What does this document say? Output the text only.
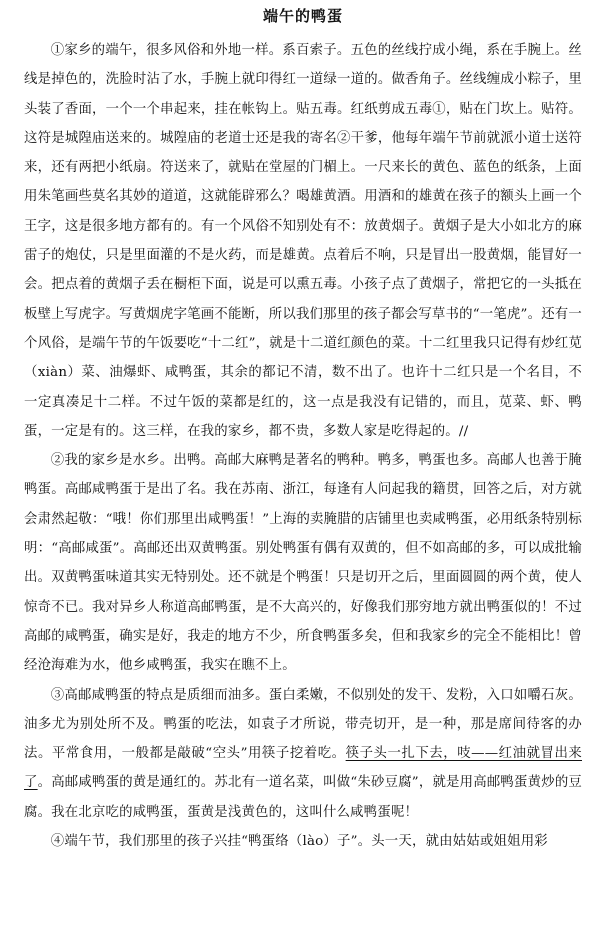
端午的鸭蛋

①家乡的端午，很多风俗和外地一样。系百索子。五色的丝线拧成小绳，系在手腕上。丝线是掉色的，洗脸时沾了水，手腕上就印得红一道绿一道的。做香角子。丝线缠成小粽子，里头装了香面，一个一个串起来，挂在帐钩上。贴五毒。红纸剪成五毒①，贴在门坎上。贴符。这符是城隍庙送来的。城隍庙的老道士还是我的寄名②干爹，他每年端午节前就派小道士送符来，还有两把小纸扇。符送来了，就贴在堂屋的门楣上。一尺来长的黄色、蓝色的纸条，上面用朱笔画些莫名其妙的道道，这就能辟邪么？喝雄黄酒。用酒和的雄黄在孩子的额头上画一个王字，这是很多地方都有的。有一个风俗不知别处有不：放黄烟子。黄烟子是大小如北方的麻雷子的炮仗，只是里面灌的不是火药，而是雄黄。点着后不响，只是冒出一股黄烟，能冒好一会。把点着的黄烟子丢在橱柜下面，说是可以熏五毒。小孩子点了黄烟子，常把它的一头抵在板壁上写虎字。写黄烟虎字笔画不能断，所以我们那里的孩子都会写草书的“一笔虎”。还有一个风俗，是端午节的午饭要吃“十二红”，就是十二道红颜色的菜。十二红里我只记得有炒红苋（xiàn）菜、油爆虾、咸鸭蛋，其余的都记不清，数不出了。也许十二红只是一个名目，不一定真凑足十二样。不过午饭的菜都是红的，这一点是我没有记错的，而且，苋菜、虾、鸭蛋，一定是有的。这三样，在我的家乡，都不贵，多数人家是吃得起的。//

②我的家乡是水乡。出鸭。高邮大麻鸭是著名的鸭种。鸭多，鸭蛋也多。高邮人也善于腌鸭蛋。高邮咸鸭蛋于是出了名。我在苏南、浙江，每逢有人问起我的籍贯，回答之后，对方就会肃然起敬：“哦！你们那里出咸鸭蛋！”上海的卖腌腊的店铺里也卖咸鸭蛋，必用纸条特别标明：“高邮咸蛋”。高邮还出双黄鸭蛋。别处鸭蛋有偶有双黄的，但不如高邮的多，可以成批输出。双黄鸭蛋味道其实无特别处。还不就是个鸭蛋！只是切开之后，里面圆圆的两个黄，使人惊奇不已。我对异乡人称道高邮鸭蛋，是不大高兴的，好像我们那穷地方就出鸭蛋似的！不过高邮的咸鸭蛋，确实是好，我走的地方不少，所食鸭蛋多矣，但和我家乡的完全不能相比！曾经沧海难为水，他乡咸鸭蛋，我实在瞧不上。

③高邮咸鸭蛋的特点是质细而油多。蛋白柔嫩，不似别处的发干、发粉，入口如嚼石灰。油多尤为别处所不及。鸭蛋的吃法，如袁子才所说，带壳切开，是一种，那是席间待客的办法。平常食用，一般都是敲破“空头”用筷子挖着吃。筷子头一扎下去，吱——红油就冒出来了。高邮咸鸭蛋的黄是通红的。苏北有一道名菜，叫做“朱砂豆腐”，就是用高邮鸭蛋黄炒的豆腐。我在北京吃的咸鸭蛋，蛋黄是浅黄色的，这叫什么咸鸭蛋呢！

④端午节，我们那里的孩子兴挂“鸭蛋络（lào）子”。头一天，就由姑姑或姐姐用彩
